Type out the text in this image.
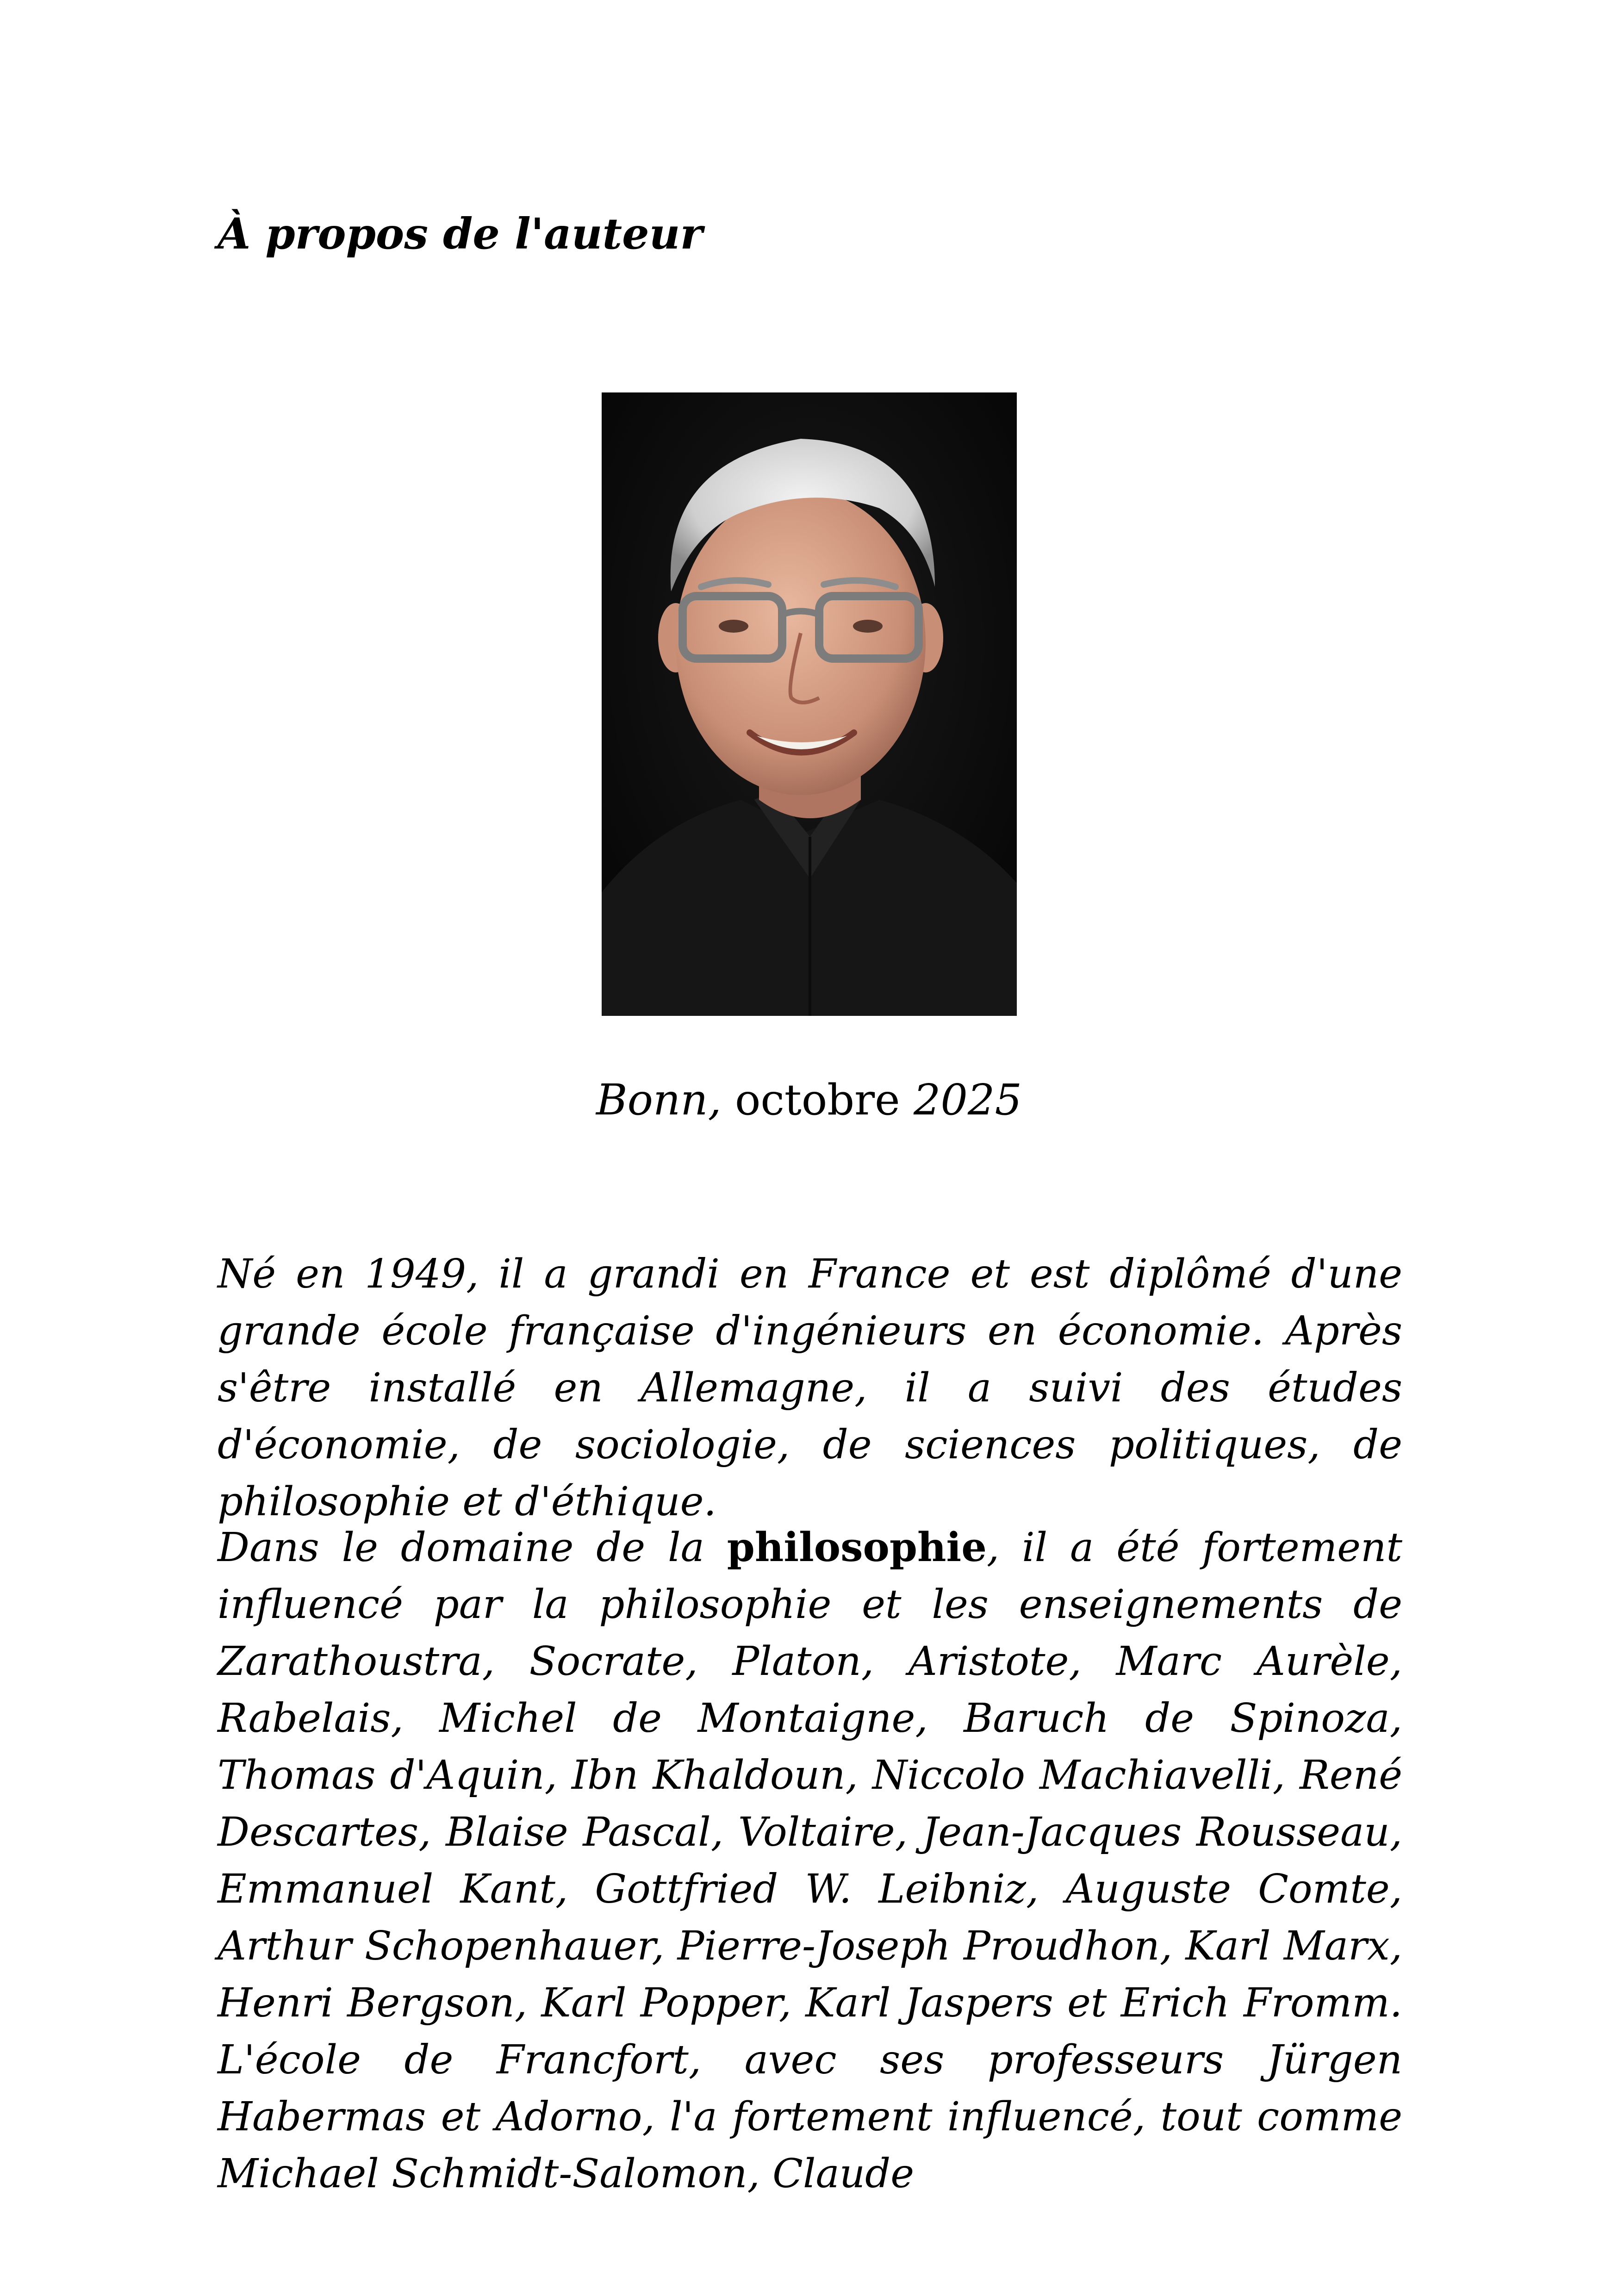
À propos de l'auteur
Bonn, octobre 2025
Né en 1949, il a grandi en France et est diplômé d'une grande école française d'ingénieurs en économie. Après s'être installé en Allemagne, il a suivi des études d'économie, de sociologie, de sciences politiques, de philosophie et d'éthique.
Dans le domaine de la philosophie, il a été fortement influencé par la philosophie et les enseignements de Zarathoustra, Socrate, Platon, Aristote, Marc Aurèle, Rabelais, Michel de Montaigne, Baruch de Spinoza, Thomas d'Aquin, Ibn Khaldoun, Niccolo Machiavelli, René Descartes, Blaise Pascal, Voltaire, Jean-Jacques Rousseau, Emmanuel Kant, Gottfried W. Leibniz, Auguste Comte, Arthur Schopenhauer, Pierre-Joseph Proudhon, Karl Marx, Henri Bergson, Karl Popper, Karl Jaspers et Erich Fromm. L'école de Francfort, avec ses professeurs Jürgen Habermas et Adorno, l'a fortement influencé, tout comme Michael Schmidt-Salomon, Claude
